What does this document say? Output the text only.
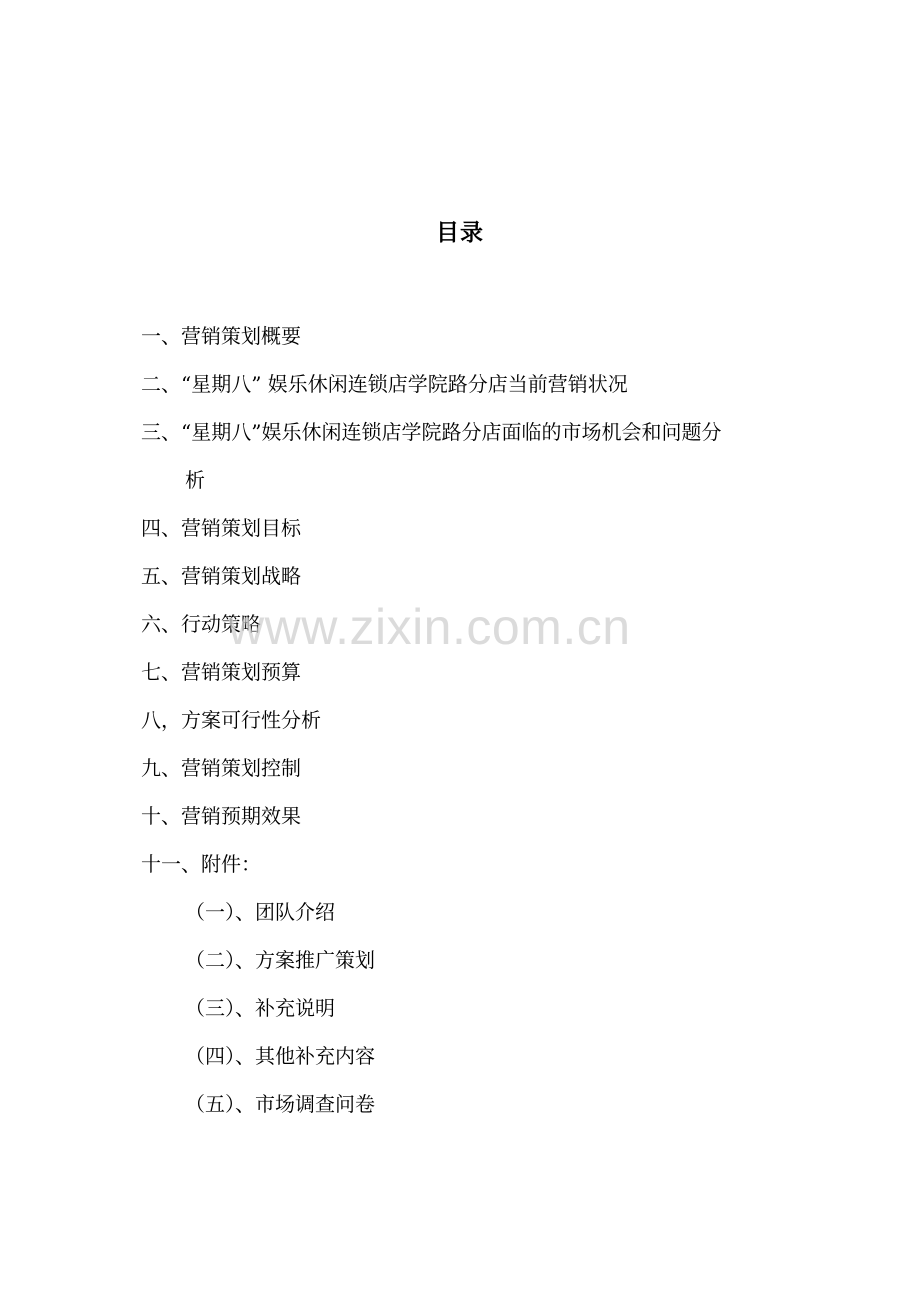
目录
一、营销策划概要
二、“星期八” 娱乐休闲连锁店学院路分店当前营销状况
三、“星期八”娱乐休闲连锁店学院路分店面临的市场机会和问题分
析
四、营销策划目标
五、营销策划战略
六、行动策略
七、营销策划预算
八，方案可行性分析
九、营销策划控制
十、营销预期效果
十一、附件：
（一）、团队介绍
（二）、方案推广策划
（三）、补充说明
（四）、其他补充内容
（五）、市场调查问卷
www.zixin.com.cn
